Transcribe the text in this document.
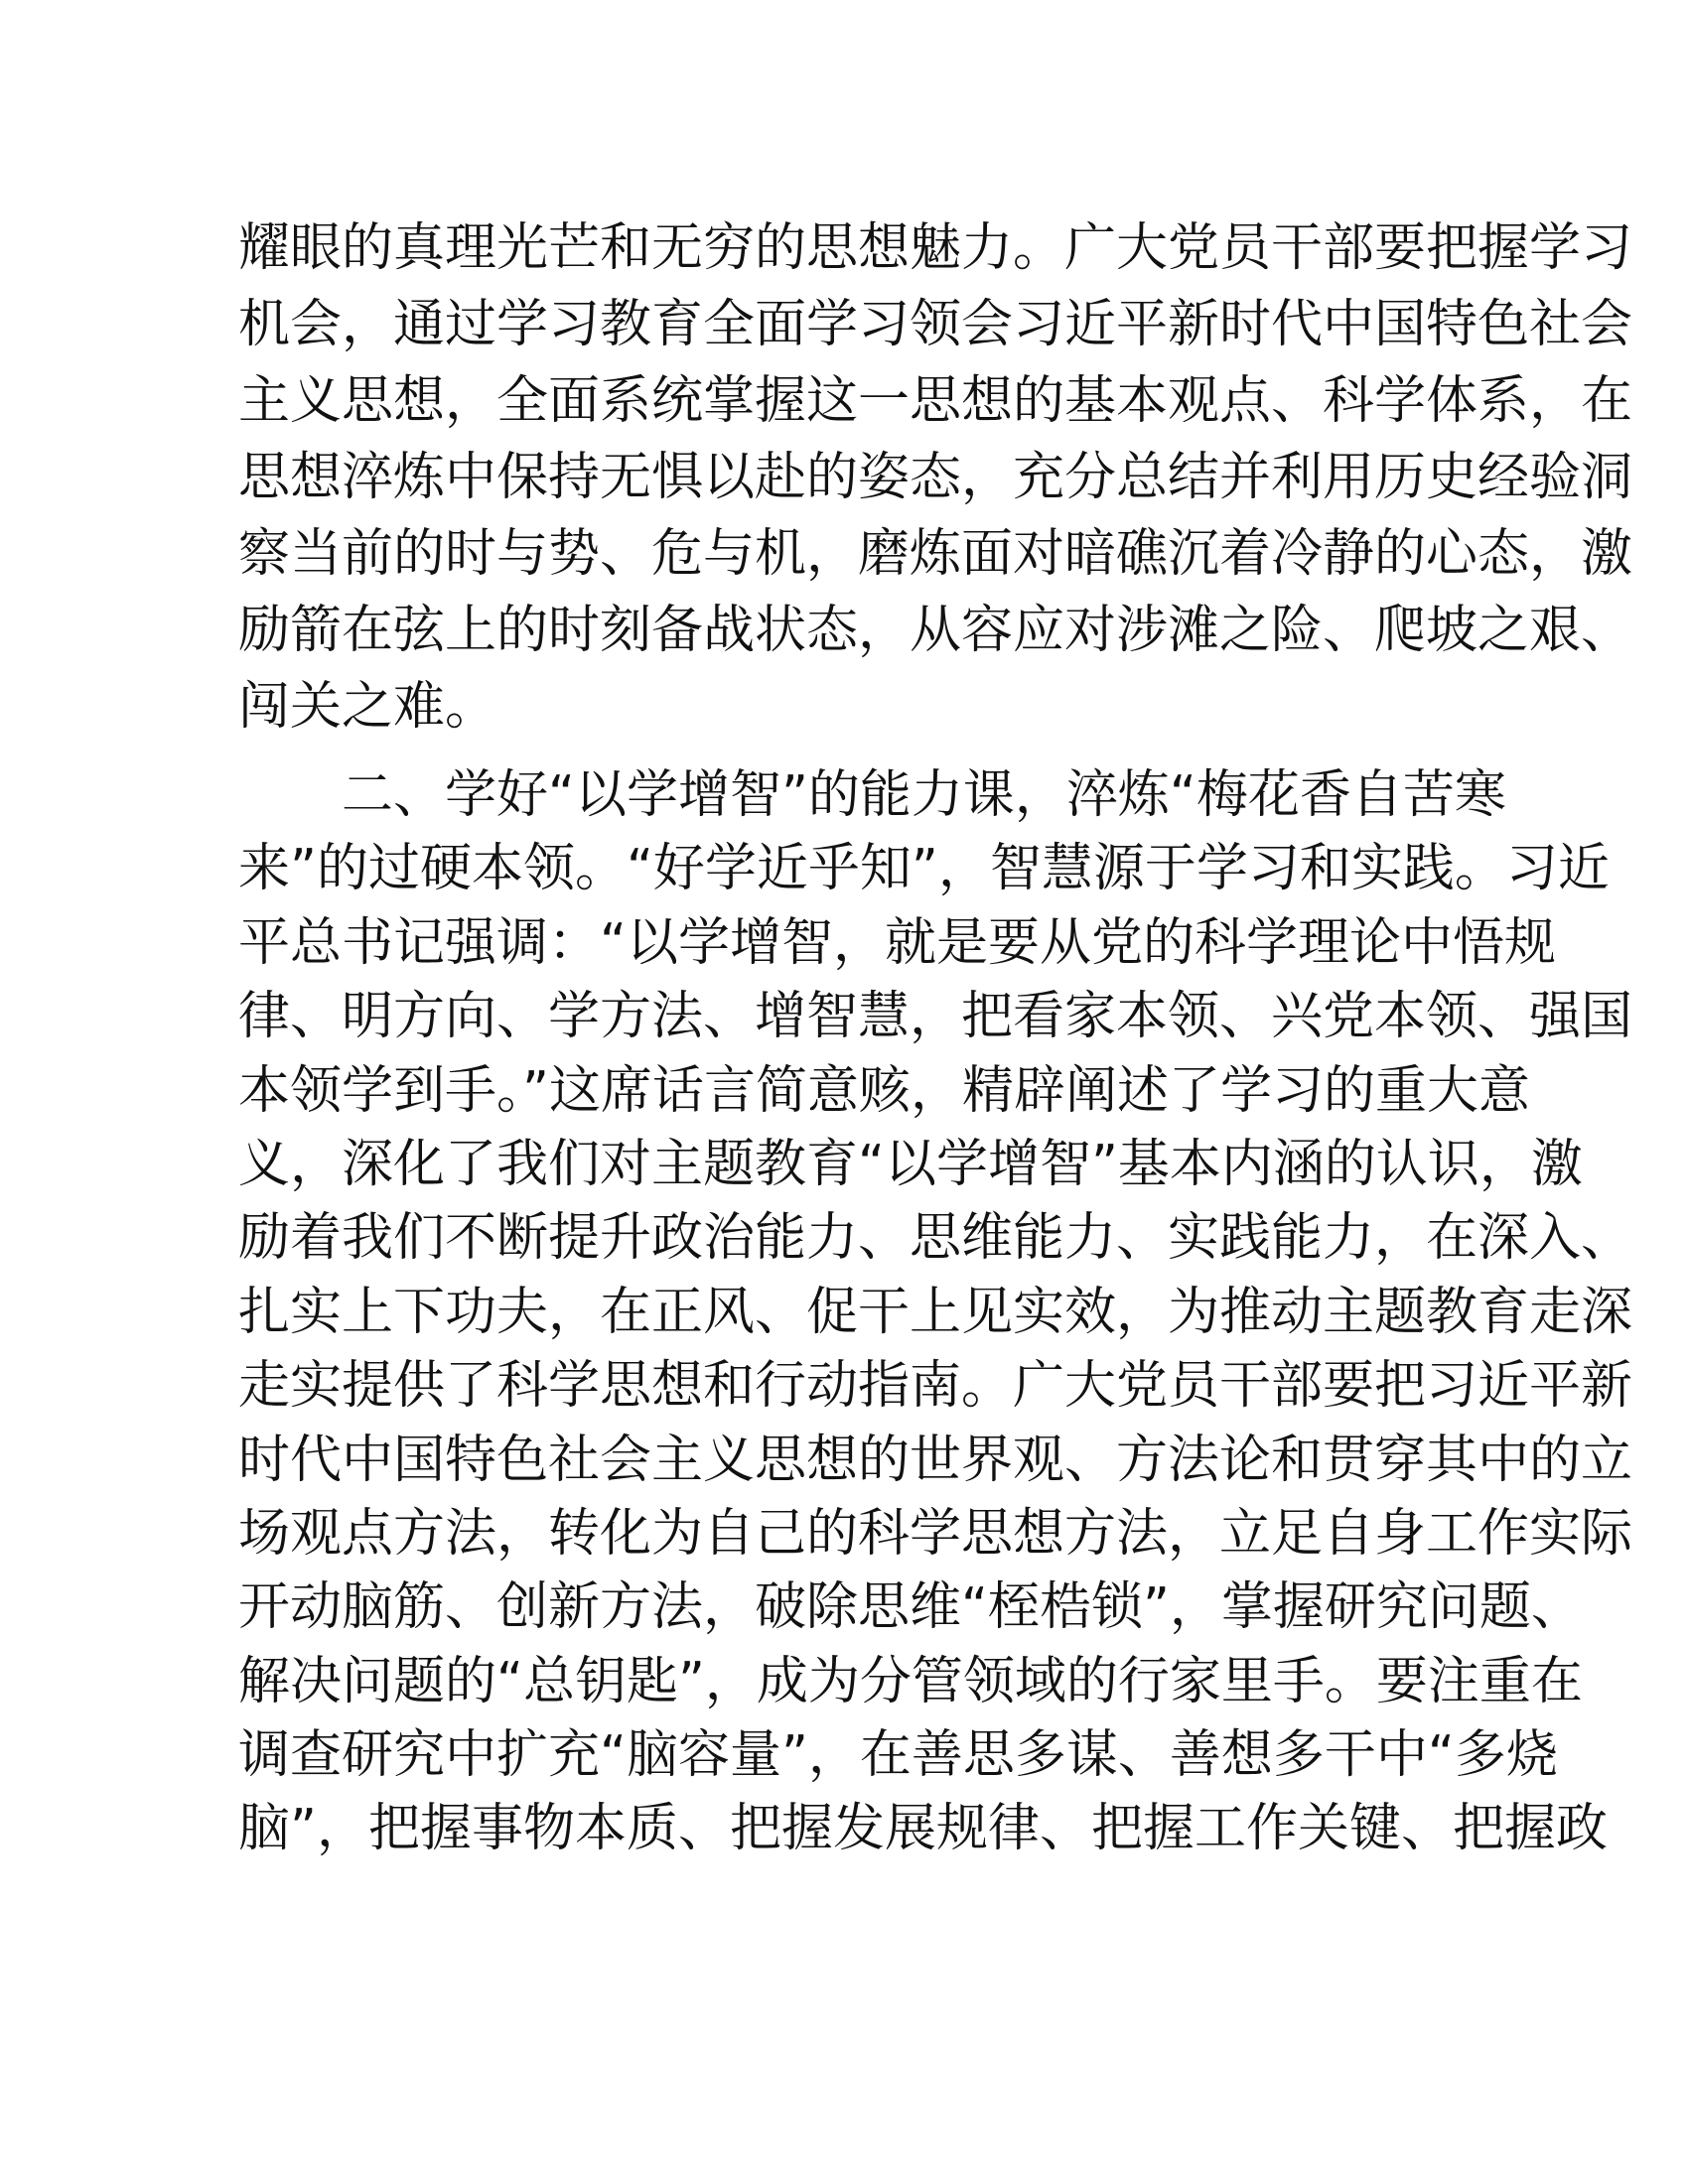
耀眼的真理光芒和无穷的思想魅力。广大党员干部要把握学习
机会，通过学习教育全面学习领会习近平新时代中国特色社会
主义思想，全面系统掌握这一思想的基本观点、科学体系，在
思想淬炼中保持无惧以赴的姿态，充分总结并利用历史经验洞
察当前的时与势、危与机，磨炼面对暗礁沉着冷静的心态，激
励箭在弦上的时刻备战状态，从容应对涉滩之险、爬坡之艰、
闯关之难。
二、学好“以学增智”的能力课，淬炼“梅花香自苦寒
来”的过硬本领。“好学近乎知”，智慧源于学习和实践。习近
平总书记强调：“以学增智，就是要从党的科学理论中悟规
律、明方向、学方法、增智慧，把看家本领、兴党本领、强国
本领学到手。”这席话言简意赅，精辟阐述了学习的重大意
义，深化了我们对主题教育“以学增智”基本内涵的认识，激
励着我们不断提升政治能力、思维能力、实践能力，在深入、
扎实上下功夫，在正风、促干上见实效，为推动主题教育走深
走实提供了科学思想和行动指南。广大党员干部要把习近平新
时代中国特色社会主义思想的世界观、方法论和贯穿其中的立
场观点方法，转化为自己的科学思想方法，立足自身工作实际
开动脑筋、创新方法，破除思维“桎梏锁”，掌握研究问题、
解决问题的“总钥匙”，成为分管领域的行家里手。要注重在
调查研究中扩充“脑容量”，在善思多谋、善想多干中“多烧
脑”，把握事物本质、把握发展规律、把握工作关键、把握政
